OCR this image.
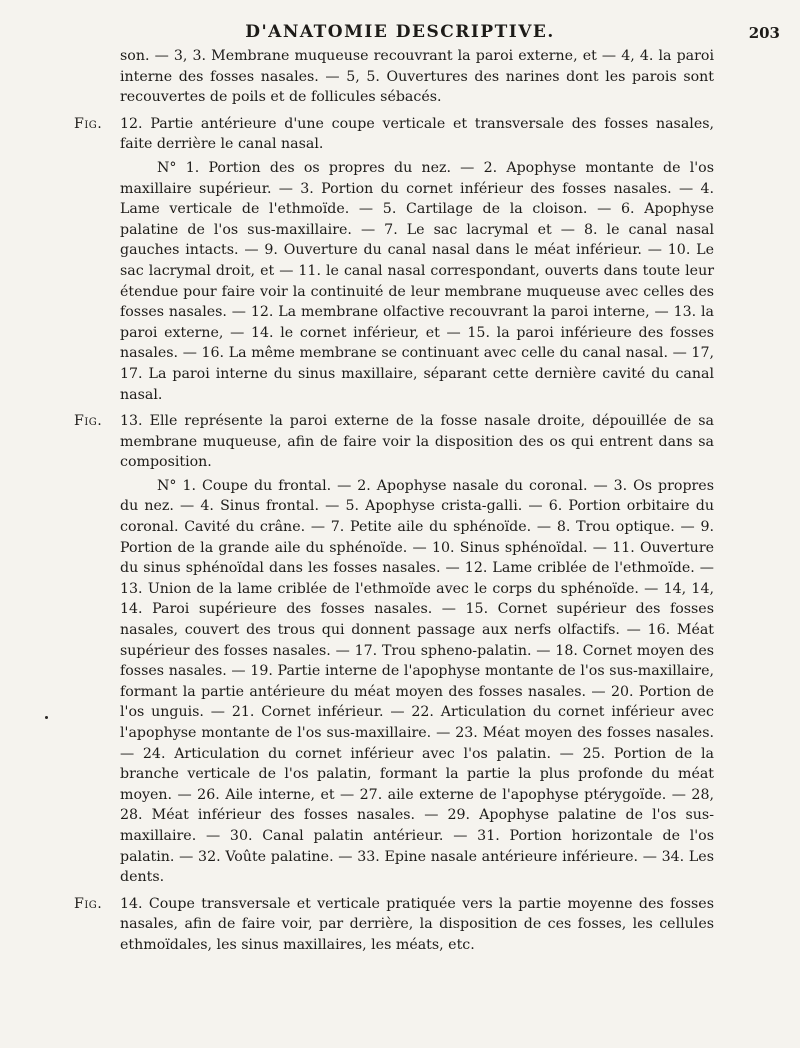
D'ANATOMIE DESCRIPTIVE.	203

son. — 3, 3. Membrane muqueuse recouvrant la paroi externe, et — 4, 4. la paroi interne des fosses nasales. — 5, 5. Ouvertures des narines dont les parois sont recouvertes de poils et de follicules sébacés.

Fig.	12. Partie antérieure d'une coupe verticale et transversale des fosses nasales, faite derrière le canal nasal.

N° 1. Portion des os propres du nez. — 2. Apophyse montante de l'os maxillaire supérieur. — 3. Portion du cornet inférieur des fosses nasales. — 4. Lame verticale de l'ethmoïde. — 5. Cartilage de la cloison. — 6. Apophyse palatine de l'os sus-maxillaire. — 7. Le sac lacrymal et — 8. le canal nasal gauches intacts. — 9. Ouverture du canal nasal dans le méat inférieur. — 10. Le sac lacrymal droit, et — 11. le canal nasal correspondant, ouverts dans toute leur étendue pour faire voir la continuité de leur membrane muqueuse avec celles des fosses nasales. — 12. La membrane olfactive recouvrant la paroi interne, — 13. la paroi externe, — 14. le cornet inférieur, et — 15. la paroi inférieure des fosses nasales. — 16. La même membrane se continuant avec celle du canal nasal. — 17, 17. La paroi interne du sinus maxillaire, séparant cette dernière cavité du canal nasal.

Fig.	13. Elle représente la paroi externe de la fosse nasale droite, dépouillée de sa membrane muqueuse, afin de faire voir la disposition des os qui entrent dans sa composition.

N° 1. Coupe du frontal. — 2. Apophyse nasale du coronal. — 3. Os propres du nez. — 4. Sinus frontal. — 5. Apophyse crista-galli. — 6. Portion orbitaire du coronal. Cavité du crâne. — 7. Petite aile du sphénoïde. — 8. Trou optique. — 9. Portion de la grande aile du sphénoïde. — 10. Sinus sphénoïdal. — 11. Ouverture du sinus sphénoïdal dans les fosses nasales. — 12. Lame criblée de l'ethmoïde. — 13. Union de la lame criblée de l'ethmoïde avec le corps du sphénoïde. — 14, 14, 14. Paroi supérieure des fosses nasales. — 15. Cornet supérieur des fosses nasales, couvert des trous qui donnent passage aux nerfs olfactifs. — 16. Méat supérieur des fosses nasales. — 17. Trou spheno-palatin. — 18. Cornet moyen des fosses nasales. — 19. Partie interne de l'apophyse montante de l'os sus-maxillaire, formant la partie antérieure du méat moyen des fosses nasales. — 20. Portion de l'os unguis. — 21. Cornet inférieur. — 22. Articulation du cornet inférieur avec l'apophyse montante de l'os sus-maxillaire. — 23. Méat moyen des fosses nasales. — 24. Articulation du cornet inférieur avec l'os palatin. — 25. Portion de la branche verticale de l'os palatin, formant la partie la plus profonde du méat moyen. — 26. Aile interne, et — 27. aile externe de l'apophyse ptérygoïde. — 28, 28. Méat inférieur des fosses nasales. — 29. Apophyse palatine de l'os sus-maxillaire. — 30. Canal palatin antérieur. — 31. Portion horizontale de l'os palatin. — 32. Voûte palatine. — 33. Epine nasale antérieure inférieure. — 34. Les dents.

Fig.	14. Coupe transversale et verticale pratiquée vers la partie moyenne des fosses nasales, afin de faire voir, par derrière, la disposition de ces fosses, les cellules ethmoïdales, les sinus maxillaires, les méats, etc.
